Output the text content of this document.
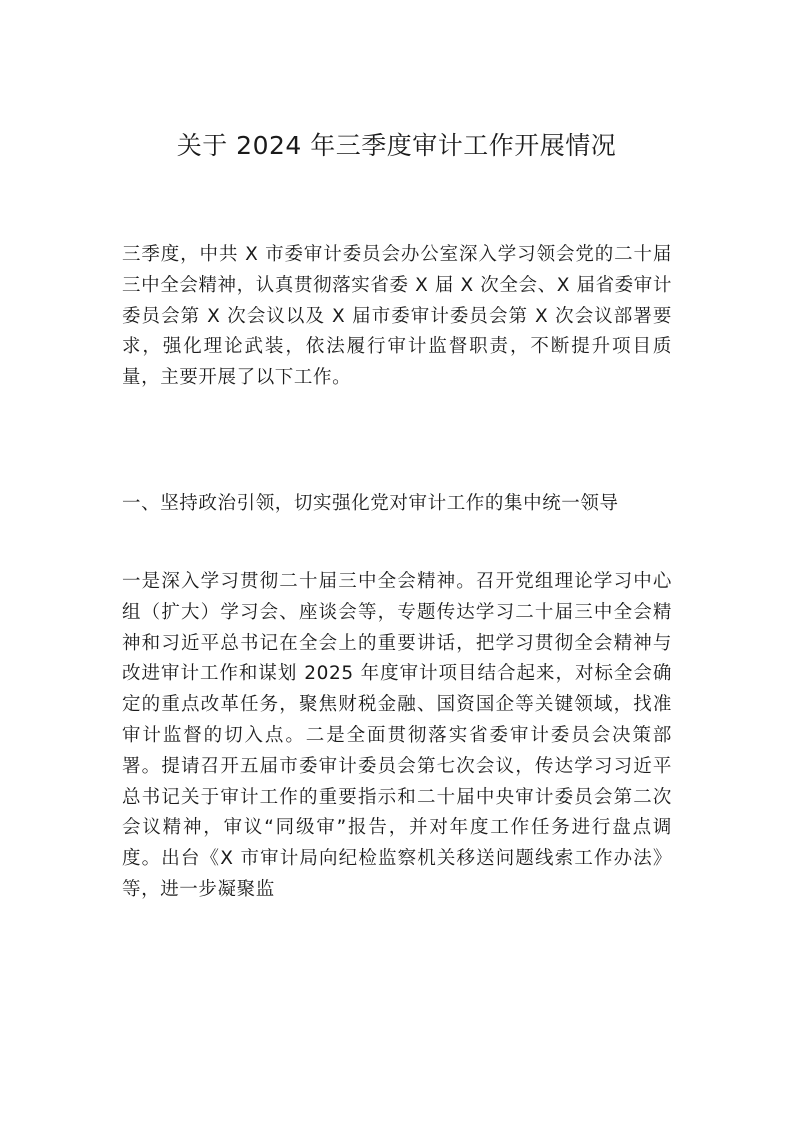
关于 2024 年三季度审计工作开展情况

三季度，中共 X 市委审计委员会办公室深入学习领会党的二十届三中全会精神，认真贯彻落实省委 X 届 X 次全会、X 届省委审计委员会第 X 次会议以及 X 届市委审计委员会第 X 次会议部署要求，强化理论武装，依法履行审计监督职责，不断提升项目质量，主要开展了以下工作。

一、坚持政治引领，切实强化党对审计工作的集中统一领导

一是深入学习贯彻二十届三中全会精神。召开党组理论学习中心组（扩大）学习会、座谈会等，专题传达学习二十届三中全会精神和习近平总书记在全会上的重要讲话，把学习贯彻全会精神与改进审计工作和谋划 2025 年度审计项目结合起来，对标全会确定的重点改革任务，聚焦财税金融、国资国企等关键领域，找准审计监督的切入点。二是全面贯彻落实省委审计委员会决策部署。提请召开五届市委审计委员会第七次会议，传达学习习近平总书记关于审计工作的重要指示和二十届中央审计委员会第二次会议精神，审议“同级审”报告，并对年度工作任务进行盘点调度。出台《X 市审计局向纪检监察机关移送问题线索工作办法》等，进一步凝聚监
